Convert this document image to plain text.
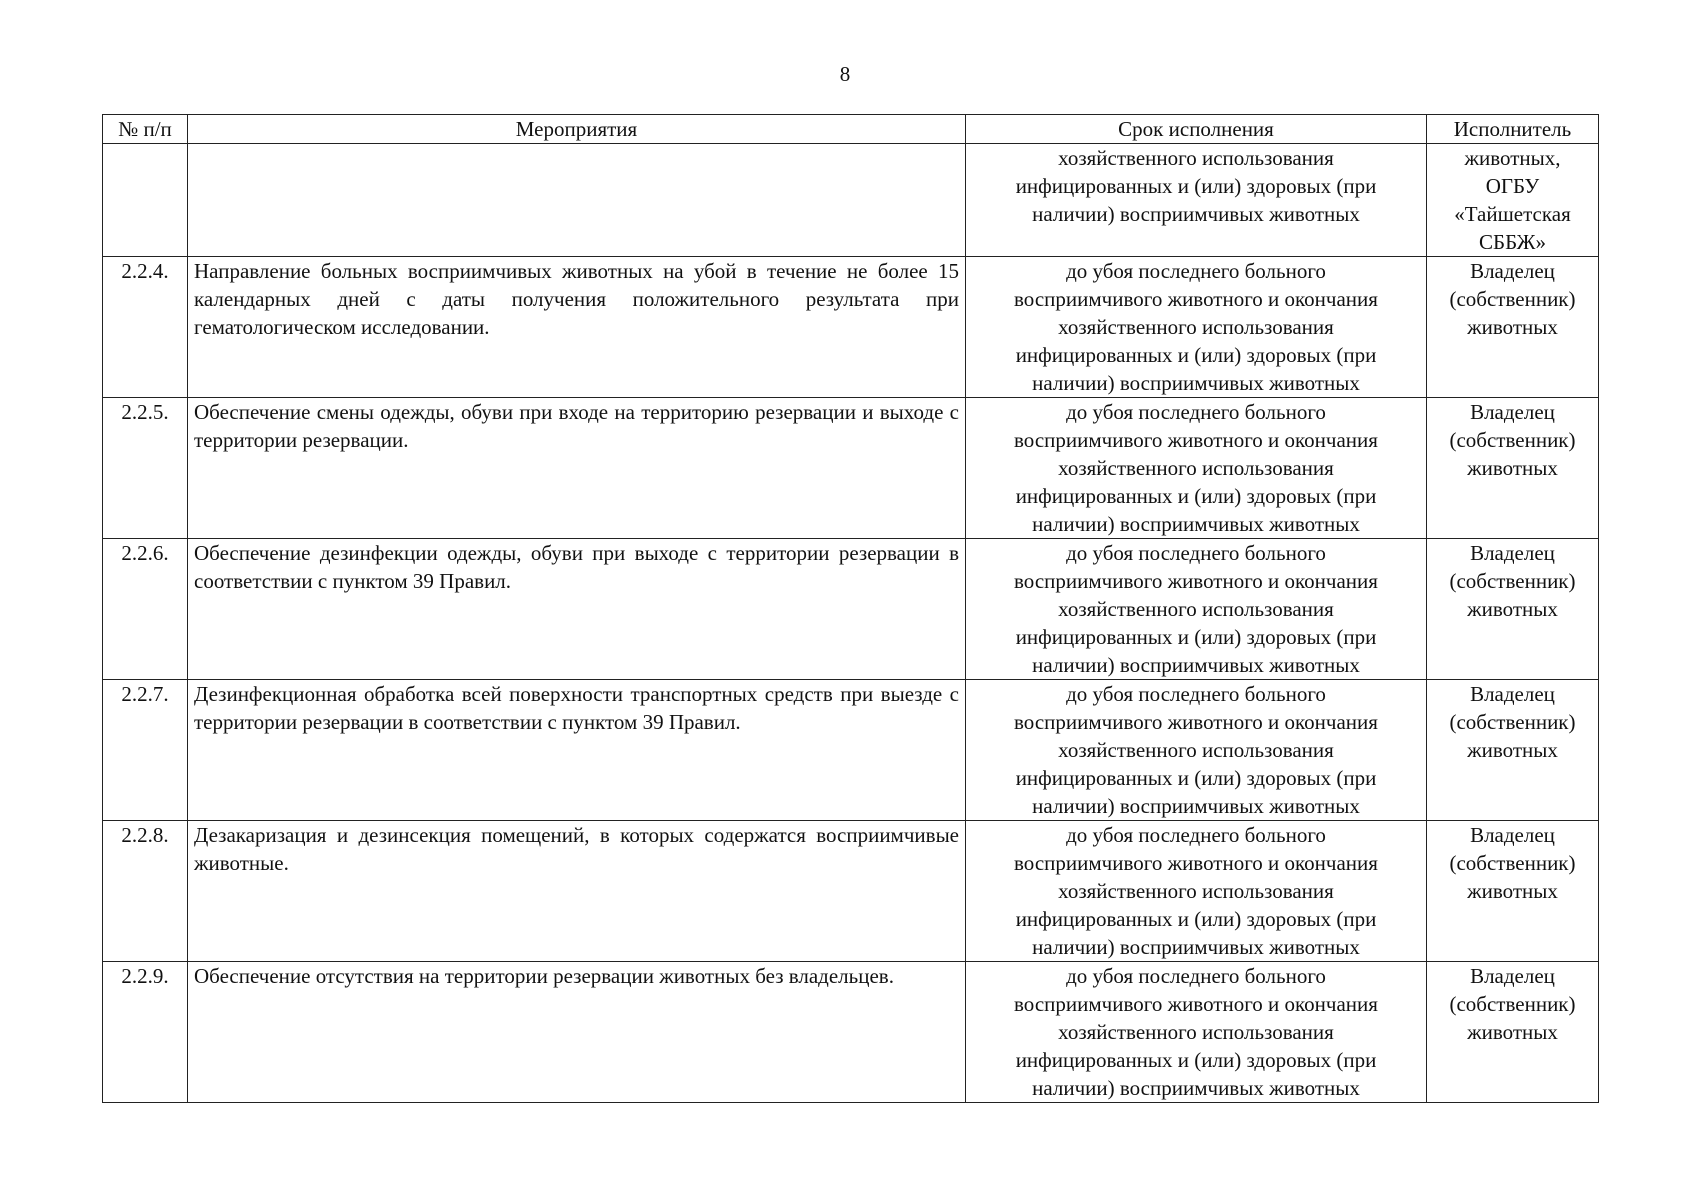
8
№ п/п	Мероприятия	Срок исполнения	Исполнитель

		хозяйственного использования
инфицированных и (или) здоровых (при
наличии) восприимчивых животных	животных,
ОГБУ
«Тайшетская
СББЖ»

2.2.4.	Направление больных восприимчивых животных на убой в течение не более 15 календарных дней с даты получения положительного результата при гематологическом исследовании.	до убоя последнего больного
восприимчивого животного и окончания
хозяйственного использования
инфицированных и (или) здоровых (при
наличии) восприимчивых животных	Владелец
(собственник)
животных

2.2.5.	Обеспечение смены одежды, обуви при входе на территорию резервации и выходе с территории резервации.	до убоя последнего больного
восприимчивого животного и окончания
хозяйственного использования
инфицированных и (или) здоровых (при
наличии) восприимчивых животных	Владелец
(собственник)
животных

2.2.6.	Обеспечение дезинфекции одежды, обуви при выходе с территории резервации в соответствии с пунктом 39 Правил.	до убоя последнего больного
восприимчивого животного и окончания
хозяйственного использования
инфицированных и (или) здоровых (при
наличии) восприимчивых животных	Владелец
(собственник)
животных

2.2.7.	Дезинфекционная обработка всей поверхности транспортных средств при выезде с территории резервации в соответствии с пунктом 39 Правил.	до убоя последнего больного
восприимчивого животного и окончания
хозяйственного использования
инфицированных и (или) здоровых (при
наличии) восприимчивых животных	Владелец
(собственник)
животных

2.2.8.	Дезакаризация и дезинсекция помещений, в которых содержатся восприимчивые животные.	до убоя последнего больного
восприимчивого животного и окончания
хозяйственного использования
инфицированных и (или) здоровых (при
наличии) восприимчивых животных	Владелец
(собственник)
животных

2.2.9.	Обеспечение отсутствия на территории резервации животных без владельцев.	до убоя последнего больного
восприимчивого животного и окончания
хозяйственного использования
инфицированных и (или) здоровых (при
наличии) восприимчивых животных	Владелец
(собственник)
животных
